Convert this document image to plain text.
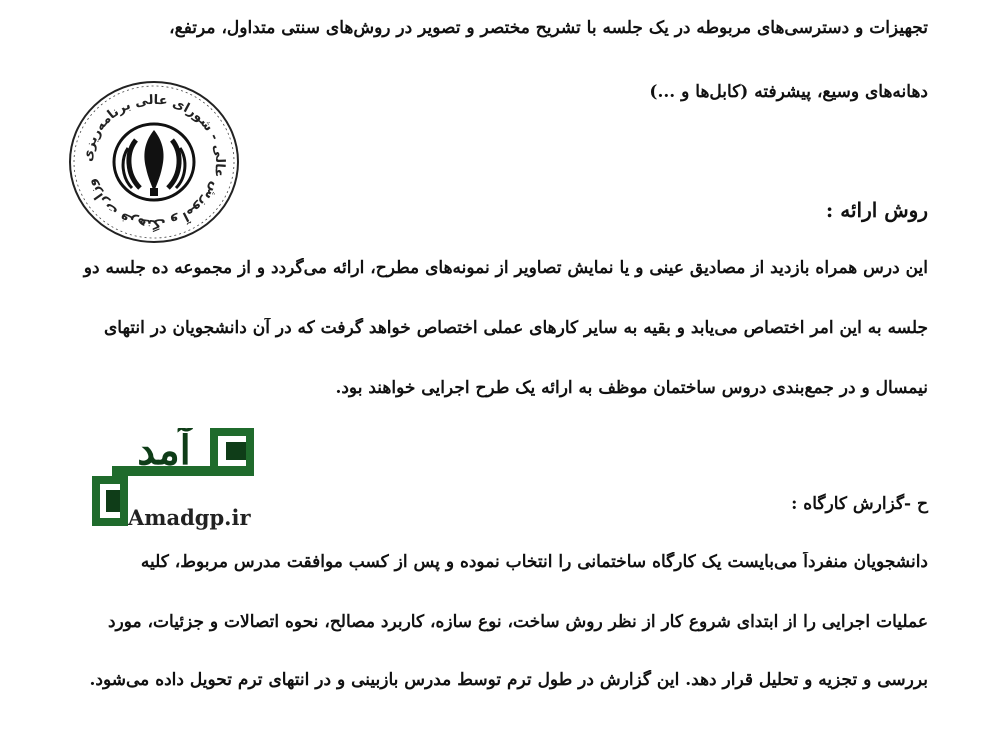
تجهیزات و دسترسی‌های مربوطه در یک جلسه با تشریح مختصر و تصویر در روش‌های سنتی متداول، مرتفع،
دهانه‌های وسیع، پیشرفته (کابل‌ها و ...)
وزارت فرهنگ و آموزش عالی - شورای عالی برنامه‌ریزی
روش ارائه :
این درس همراه بازدید از مصادیق عینی و یا نمایش تصاویر از نمونه‌های مطرح، ارائه می‌گردد و از مجموعه ده جلسه دو
جلسه به این امر اختصاص می‌یابد و بقیه به سایر کارهای عملی اختصاص خواهد گرفت که در آن دانشجویان در انتهای
نیمسال و در جمع‌بندی دروس ساختمان موظف به ارائه یک طرح اجرایی خواهند بود.
آمد
Amadgp.ir
ح -گزارش کارگاه :
دانشجویان منفرداً می‌بایست یک کارگاه ساختمانی را انتخاب نموده و پس از کسب موافقت مدرس مربوط، کلیه
عملیات اجرایی را از ابتدای شروع کار از نظر روش ساخت، نوع سازه، کاربرد مصالح، نحوه اتصالات و جزئیات، مورد
بررسی و تجزیه و تحلیل قرار دهد. این گزارش در طول ترم توسط مدرس بازبینی و در انتهای ترم تحویل داده می‌شود.
